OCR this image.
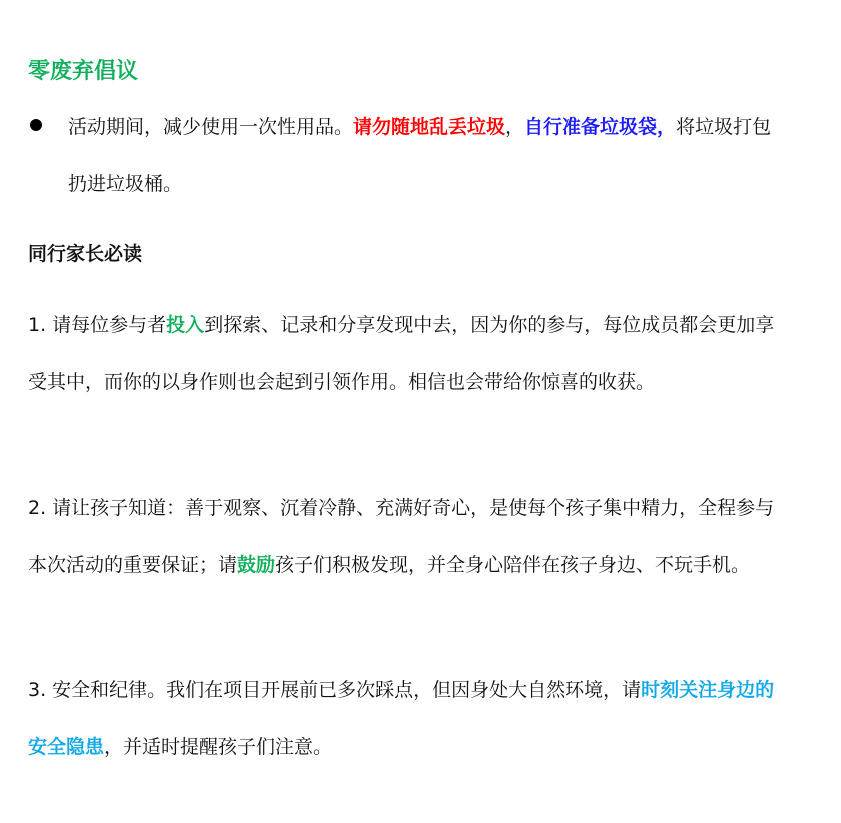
零废弃倡议

活动期间，减少使用一次性用品。请勿随地乱丢垃圾，自行准备垃圾袋，将垃圾打包扔进垃圾桶。

同行家长必读

1. 请每位参与者投入到探索、记录和分享发现中去，因为你的参与，每位成员都会更加享受其中，而你的以身作则也会起到引领作用。相信也会带给你惊喜的收获。

2. 请让孩子知道：善于观察、沉着冷静、充满好奇心，是使每个孩子集中精力，全程参与本次活动的重要保证；请鼓励孩子们积极发现，并全身心陪伴在孩子身边、不玩手机。

3. 安全和纪律。我们在项目开展前已多次踩点，但因身处大自然环境，请时刻关注身边的安全隐患，并适时提醒孩子们注意。
